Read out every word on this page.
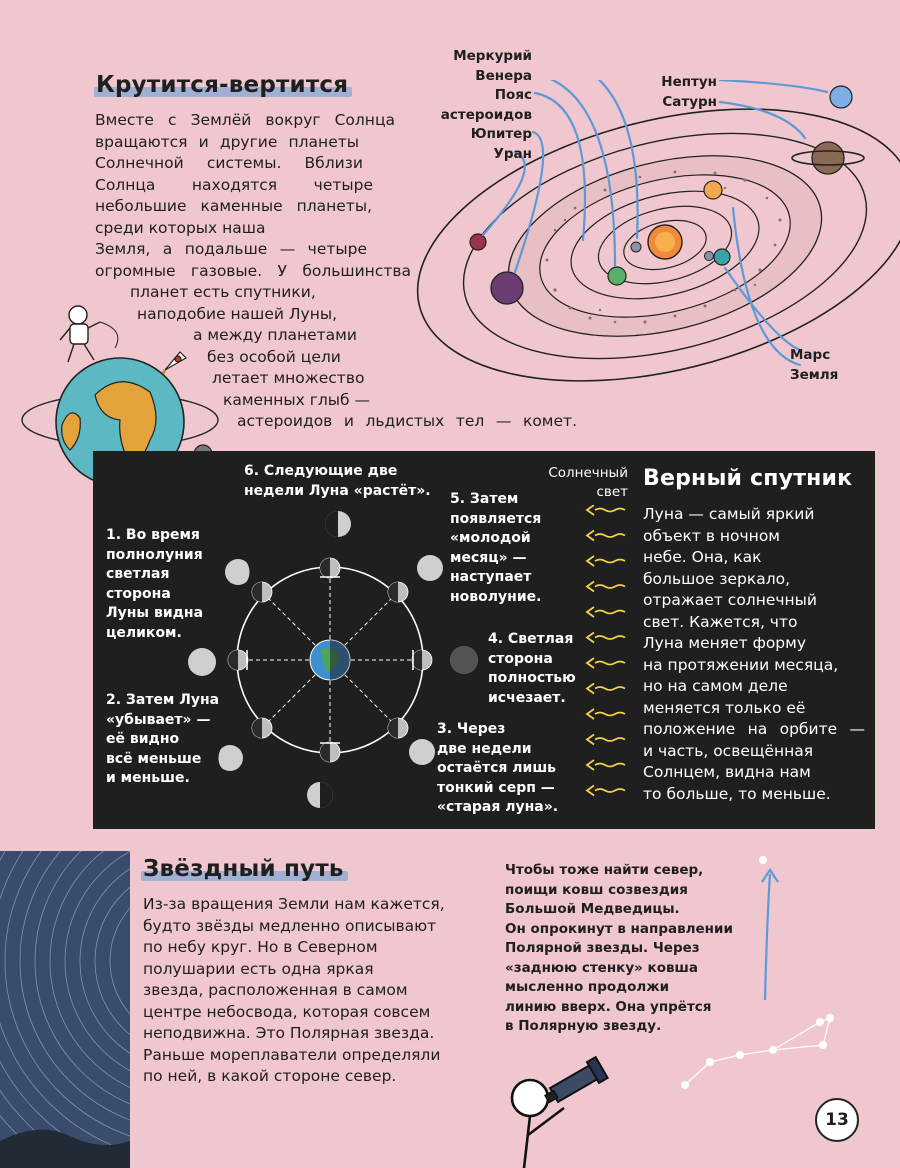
Крутится-вертится
Вместе с Землёй вокруг Солнца
вращаются и другие планеты
Солнечной системы. Вблизи
Солнца находятся четыре
небольшие каменные планеты,
среди которых наша
Земля, а подальше — четыре
огромные газовые. У большинства
планет есть спутники,
наподобие нашей Луны,
а между планетами
без особой цели
летает множество
каменных глыб —
астероидов и льдистых тел — комет.
Меркурий
Венера
Пояс
астероидов
Юпитер
Уран
Нептун
Сатурн
Марс
Земля
6. Следующие две
недели Луна «растёт».
1. Во время
полнолуния
светлая
сторона
Луны видна
целиком.
2. Затем Луна
«убывает» —
её видно
всё меньше
и меньше.
5. Затем
появляется
«молодой
месяц» —
наступает
новолуние.
4. Светлая
сторона
полностью
исчезает.
3. Через
две недели
остаётся лишь
тонкий серп —
«старая луна».
Солнечный
свет
Верный спутник
Луна — самый яркий
объект в ночном
небе. Она, как
большое зеркало,
отражает солнечный
свет. Кажется, что
Луна меняет форму
на протяжении месяца,
но на самом деле
меняется только её
положение на орбите —
и часть, освещённая
Солнцем, видна нам
то больше, то меньше.
Звёздный путь
Из-за вращения Земли нам кажется,
будто звёзды медленно описывают
по небу круг. Но в Северном
полушарии есть одна яркая
звезда, расположенная в самом
центре небосвода, которая совсем
неподвижна. Это Полярная звезда.
Раньше мореплаватели определяли
по ней, в какой стороне север.
Чтобы тоже найти север,
поищи ковш созвездия
Большой Медведицы.
Он опрокинут в направлении
Полярной звезды. Через
«заднюю стенку» ковша
мысленно продолжи
линию вверх. Она упрётся
в Полярную звезду.
13
